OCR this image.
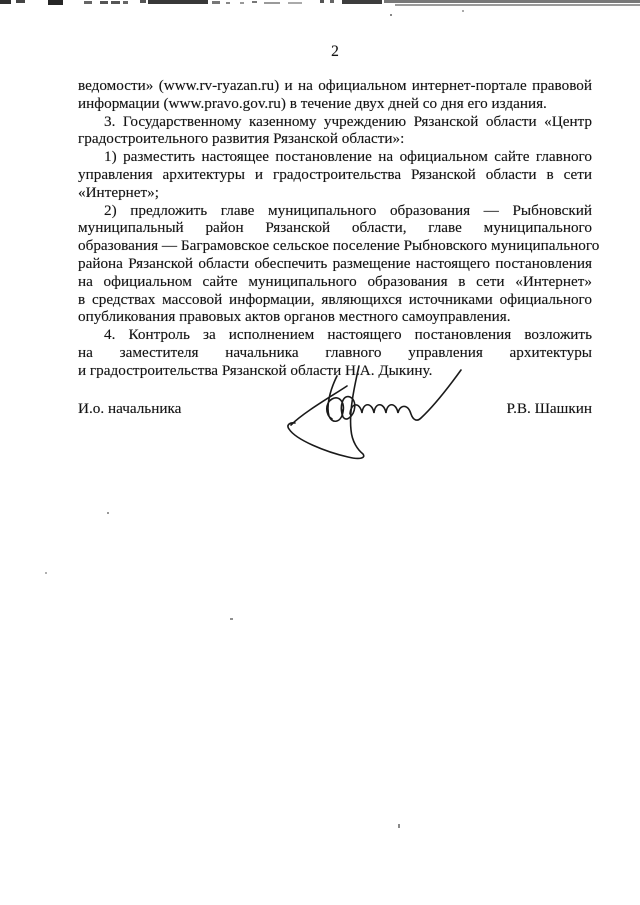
2
ведомости» (www.rv-ryazan.ru) и на официальном интернет-портале правовой
информации (www.pravo.gov.ru) в течение двух дней со дня его издания.
3. Государственному казенному учреждению Рязанской области «Центр
градостроительного развития Рязанской области»:
1) разместить настоящее постановление на официальном сайте главного
управления архитектуры и градостроительства Рязанской области в сети
«Интернет»;
2) предложить главе муниципального образования — Рыбновский
муниципальный район Рязанской области, главе муниципального
образования — Баграмовское сельское поселение Рыбновского муниципального
района Рязанской области обеспечить размещение настоящего постановления
на официальном сайте муниципального образования в сети «Интернет»
в средствах массовой информации, являющихся источниками официального
опубликования правовых актов органов местного самоуправления.
4. Контроль за исполнением настоящего постановления возложить
на заместителя начальника главного управления архитектуры
и градостроительства Рязанской области Н.А. Дыкину.
И.о. начальника	Р.В. Шашкин
